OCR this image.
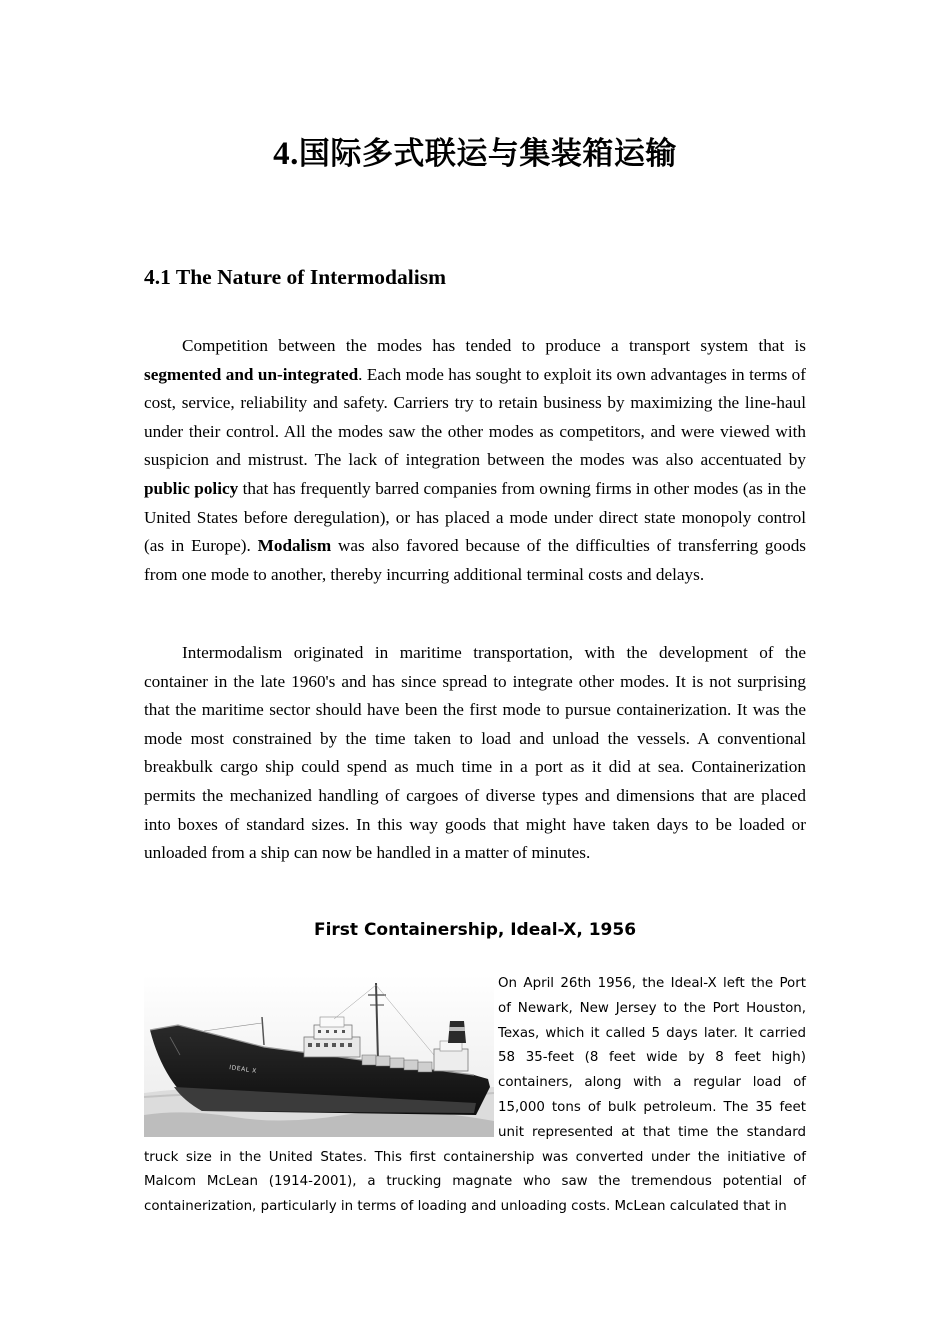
4.国际多式联运与集装箱运输
4.1 The Nature of Intermodalism

Competition between the modes has tended to produce a transport system that is segmented and un-integrated. Each mode has sought to exploit its own advantages in terms of cost, service, reliability and safety. Carriers try to retain business by maximizing the line-haul under their control. All the modes saw the other modes as competitors, and were viewed with suspicion and mistrust. The lack of integration between the modes was also accentuated by public policy that has frequently barred companies from owning firms in other modes (as in the United States before deregulation), or has placed a mode under direct state monopoly control (as in Europe). Modalism was also favored because of the difficulties of transferring goods from one mode to another, thereby incurring additional terminal costs and delays.

Intermodalism originated in maritime transportation, with the development of the container in the late 1960's and has since spread to integrate other modes. It is not surprising that the maritime sector should have been the first mode to pursue containerization. It was the mode most constrained by the time taken to load and unload the vessels. A conventional breakbulk cargo ship could spend as much time in a port as it did at sea. Containerization permits the mechanized handling of cargoes of diverse types and dimensions that are placed into boxes of standard sizes. In this way goods that might have taken days to be loaded or unloaded from a ship can now be handled in a matter of minutes.

First Containership, Ideal-X, 1956
IDEAL X
On April 26th 1956, the Ideal-X left the Port of Newark, New Jersey to the Port Houston, Texas, which it called 5 days later. It carried 58 35-feet (8 feet wide by 8 feet high) containers, along with a regular load of 15,000 tons of bulk petroleum. The 35 feet unit represented at that time the standard truck size in the United States. This first containership was converted under the initiative of Malcom McLean (1914-2001), a trucking magnate who saw the tremendous potential of containerization, particularly in terms of loading and unloading costs. McLean calculated that in
